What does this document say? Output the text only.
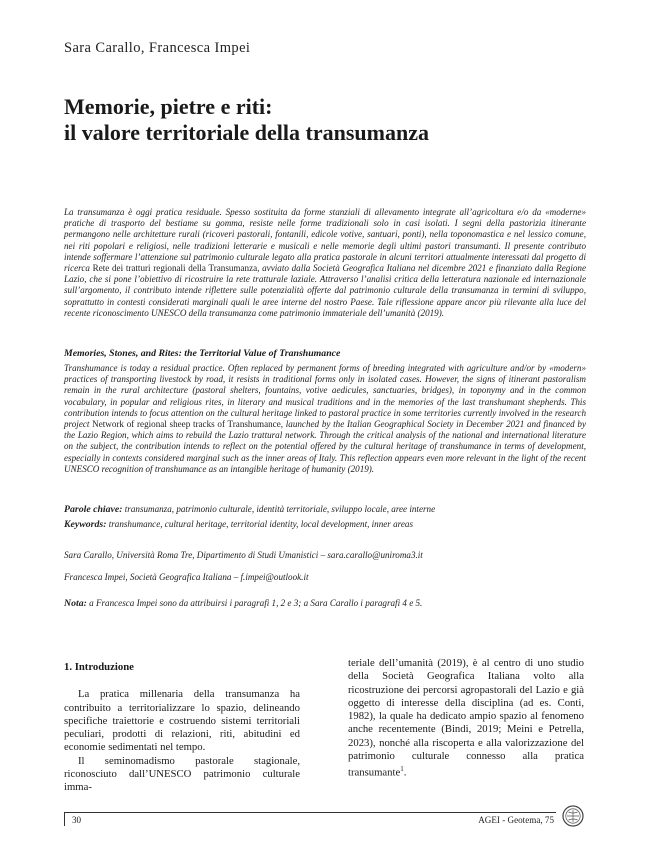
Sara Carallo, Francesca Impei
Memorie, pietre e riti:
il valore territoriale della transumanza
La transumanza è oggi pratica residuale. Spesso sostituita da forme stanziali di allevamento integrate all’agricoltura e/o da «moderne» pratiche di trasporto del bestiame su gomma, resiste nelle forme tradizionali solo in casi isolati. I segni della pastorizia itinerante permangono nelle architetture rurali (ricoveri pastorali, fontanili, edicole votive, santuari, ponti), nella toponomastica e nel lessico comune, nei riti popolari e religiosi, nelle tradizioni letterarie e musicali e nelle memorie degli ultimi pastori transumanti. Il presente contributo intende soffermare l’attenzione sul patrimonio culturale legato alla pratica pastorale in alcuni territori attualmente interessati dal progetto di ricerca Rete dei tratturi regionali della Transumanza, avviato dalla Società Geografica Italiana nel dicembre 2021 e finanziato dalla Regione Lazio, che si pone l’obiettivo di ricostruire la rete tratturale laziale. Attraverso l’analisi critica della letteratura nazionale ed internazionale sull’argomento, il contributo intende riflettere sulle potenzialità offerte dal patrimonio culturale della transumanza in termini di sviluppo, soprattutto in contesti considerati marginali quali le aree interne del nostro Paese. Tale riflessione appare ancor più rilevante alla luce del recente riconoscimento UNESCO della transumanza come patrimonio immateriale dell’umanità (2019).
Memories, Stones, and Rites: the Territorial Value of Transhumance
Transhumance is today a residual practice. Often replaced by permanent forms of breeding integrated with agriculture and/or by «modern» practices of transporting livestock by road, it resists in traditional forms only in isolated cases. However, the signs of itinerant pastoralism remain in the rural architecture (pastoral shelters, fountains, votive aedicules, sanctuaries, bridges), in toponymy and in the common vocabulary, in popular and religious rites, in literary and musical traditions and in the memories of the last transhumant shepherds. This contribution intends to focus attention on the cultural heritage linked to pastoral practice in some territories currently involved in the research project Network of regional sheep tracks of Transhumance, launched by the Italian Geographical Society in December 2021 and financed by the Lazio Region, which aims to rebuild the Lazio trattural network. Through the critical analysis of the national and international literature on the subject, the contribution intends to reflect on the potential offered by the cultural heritage of transhumance in terms of development, especially in contexts considered marginal such as the inner areas of Italy. This reflection appears even more relevant in the light of the recent UNESCO recognition of transhumance as an intangible heritage of humanity (2019).
Parole chiave: transumanza, patrimonio culturale, identità territoriale, sviluppo locale, aree interne
Keywords: transhumance, cultural heritage, territorial identity, local development, inner areas
Sara Carallo, Università Roma Tre, Dipartimento di Studi Umanistici – sara.carallo@uniroma3.it
Francesca Impei, Società Geografica Italiana – f.impei@outlook.it
Nota: a Francesca Impei sono da attribuirsi i paragrafi 1, 2 e 3; a Sara Carallo i paragrafi 4 e 5.
1. Introduzione

La pratica millenaria della transumanza ha contribuito a territorializzare lo spazio, delineando specifiche traiettorie e costruendo sistemi territoriali peculiari, prodotti di relazioni, riti, abitudini ed economie sedimentati nel tempo.

Il seminomadismo pastorale stagionale, riconosciuto dall’UNESCO patrimonio culturale imma-

teriale dell’umanità (2019), è al centro di uno studio della Società Geografica Italiana volto alla ricostruzione dei percorsi agropastorali del Lazio e già oggetto di interesse della disciplina (ad es. Conti, 1982), la quale ha dedicato ampio spazio al fenomeno anche recentemente (Bindi, 2019; Meini e Petrella, 2023), nonché alla riscoperta e alla valorizzazione del patrimonio culturale connesso alla pratica transumante$^1$.

30	AGEI - Geotema, 75
